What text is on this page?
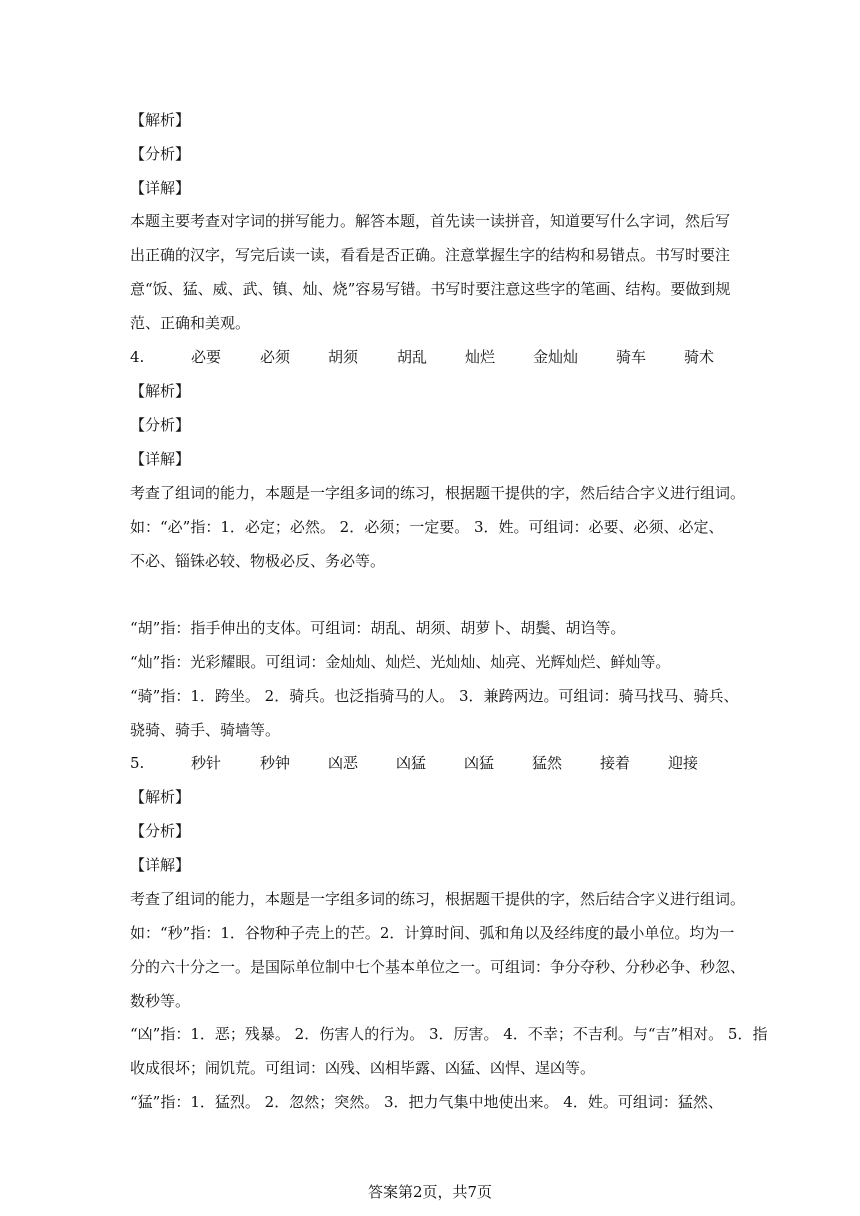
【解析】
【分析】
【详解】
本题主要考查对字词的拼写能力。解答本题，首先读一读拼音，知道要写什么字词，然后写
出正确的汉字，写完后读一读，看看是否正确。注意掌握生字的结构和易错点。书写时要注
意“饭、猛、威、武、镇、灿、烧”容易写错。书写时要注意这些字的笔画、结构。要做到规
范、正确和美观。
4.	必要	必须	胡须	胡乱	灿烂	金灿灿	骑车	骑术
【解析】
【分析】
【详解】
考查了组词的能力，本题是一字组多词的练习，根据题干提供的字，然后结合字义进行组词。
如：“必”指：1．必定；必然。 2．必须；一定要。 3．姓。可组词：必要、必须、必定、
不必、锱铢必较、物极必反、务必等。
“胡”指：指手伸出的支体。可组词：胡乱、胡须、胡萝卜、胡鬓、胡诌等。
“灿”指：光彩耀眼。可组词：金灿灿、灿烂、光灿灿、灿亮、光辉灿烂、鲜灿等。
“骑”指：1．跨坐。 2．骑兵。也泛指骑马的人。 3．兼跨两边。可组词：骑马找马、骑兵、
骁骑、骑手、骑墙等。
5.	秒针	秒钟	凶恶	凶猛	凶猛	猛然	接着	迎接
【解析】
【分析】
【详解】
考查了组词的能力，本题是一字组多词的练习，根据题干提供的字，然后结合字义进行组词。
如：“秒”指：1．谷物种子壳上的芒。2．计算时间、弧和角以及经纬度的最小单位。均为一
分的六十分之一。是国际单位制中七个基本单位之一。可组词：争分夺秒、分秒必争、秒忽、
数秒等。
“凶”指：1．恶；残暴。 2．伤害人的行为。 3．厉害。 4．不幸；不吉利。与“吉”相对。 5．指
收成很坏；闹饥荒。可组词：凶残、凶相毕露、凶猛、凶悍、逞凶等。
“猛”指：1．猛烈。 2．忽然；突然。 3．把力气集中地使出来。 4．姓。可组词：猛然、
答案第2页，共7页
